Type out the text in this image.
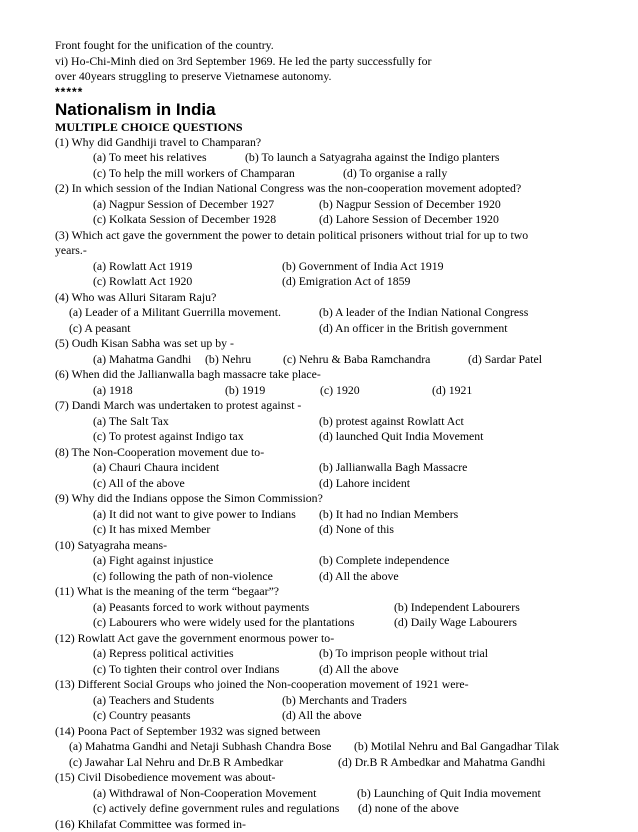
Front fought for the unification of the country.
vi) Ho-Chi-Minh died on 3rd September 1969. He led the party successfully for
over 40years struggling to preserve Vietnamese autonomy.
*****
Nationalism in India
MULTIPLE CHOICE QUESTIONS
(1) Why did Gandhiji travel to Champaran?
(a) To meet his relatives	(b) To launch a Satyagraha against the Indigo planters
(c) To help the mill workers of Champaran	(d) To organise a rally
(2) In which session of the Indian National Congress was the non-cooperation movement adopted?
(a) Nagpur Session of December 1927	(b) Nagpur Session of December 1920
(c) Kolkata Session of December 1928	(d) Lahore Session of December 1920
(3) Which act gave the government the power to detain political prisoners without trial for up to two
years.-
(a) Rowlatt Act 1919	(b) Government of India Act 1919
(c) Rowlatt Act 1920	(d) Emigration Act of 1859
(4) Who was Alluri Sitaram Raju?
(a) Leader of a Militant Guerrilla movement.	(b) A leader of the Indian National Congress
(c) A peasant	(d) An officer in the British government
(5) Oudh Kisan Sabha was set up by -
(a) Mahatma Gandhi (b) Nehru	(c) Nehru & Baba Ramchandra	(d) Sardar Patel
(6) When did the Jallianwalla bagh massacre take place-
(a) 1918	(b) 1919	(c) 1920	(d) 1921
(7) Dandi March was undertaken to protest against -
(a) The Salt Tax	(b) protest against Rowlatt Act
(c) To protest against Indigo tax	(d) launched Quit India Movement
(8) The Non-Cooperation movement due to-
(a) Chauri Chaura incident	(b) Jallianwalla Bagh Massacre
(c) All of the above	(d) Lahore incident
(9) Why did the Indians oppose the Simon Commission?
(a) It did not want to give power to Indians (b) It had no Indian Members
(c) It has mixed Member	(d) None of this
(10) Satyagraha means-
(a) Fight against injustice	(b) Complete independence
(c) following the path of non-violence	(d) All the above
(11) What is the meaning of the term “begaar”?
(a) Peasants forced to work without payments	(b) Independent Labourers
(c) Labourers who were widely used for the plantations	(d) Daily Wage Labourers
(12) Rowlatt Act gave the government enormous power to-
(a) Repress political activities	(b) To imprison people without trial
(c) To tighten their control over Indians	(d) All the above
(13) Different Social Groups who joined the Non-cooperation movement of 1921 were-
(a) Teachers and Students	(b) Merchants and Traders
(c) Country peasants	(d) All the above
(14) Poona Pact of September 1932 was signed between
(a) Mahatma Gandhi and Netaji Subhash Chandra Bose (b) Motilal Nehru and Bal Gangadhar Tilak
(c) Jawahar Lal Nehru and Dr.B R Ambedkar	(d) Dr.B R Ambedkar and Mahatma Gandhi
(15) Civil Disobedience movement was about-
(a) Withdrawal of Non-Cooperation Movement	(b) Launching of Quit India movement
(c) actively define government rules and regulations (d) none of the above
(16) Khilafat Committee was formed in-
